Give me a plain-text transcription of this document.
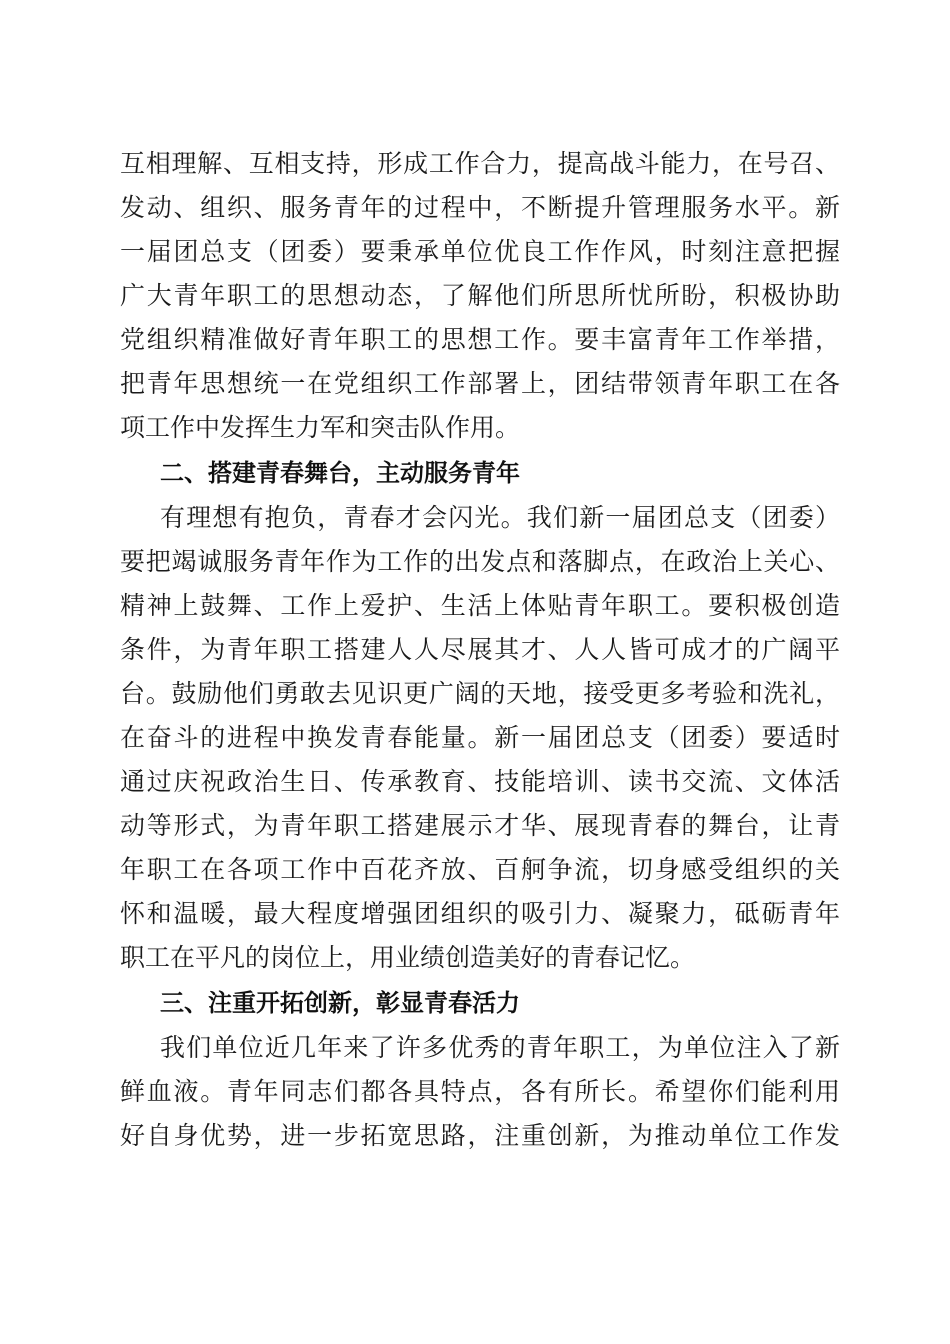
互相理解、互相支持，形成工作合力，提高战斗能力，在号召、
发动、组织、服务青年的过程中，不断提升管理服务水平。新
一届团总支（团委）要秉承单位优良工作作风，时刻注意把握
广大青年职工的思想动态，了解他们所思所忧所盼，积极协助
党组织精准做好青年职工的思想工作。要丰富青年工作举措，
把青年思想统一在党组织工作部署上，团结带领青年职工在各
项工作中发挥生力军和突击队作用。
二、搭建青春舞台，主动服务青年
有理想有抱负，青春才会闪光。我们新一届团总支（团委）
要把竭诚服务青年作为工作的出发点和落脚点，在政治上关心、
精神上鼓舞、工作上爱护、生活上体贴青年职工。要积极创造
条件，为青年职工搭建人人尽展其才、人人皆可成才的广阔平
台。鼓励他们勇敢去见识更广阔的天地，接受更多考验和洗礼，
在奋斗的进程中换发青春能量。新一届团总支（团委）要适时
通过庆祝政治生日、传承教育、技能培训、读书交流、文体活
动等形式，为青年职工搭建展示才华、展现青春的舞台，让青
年职工在各项工作中百花齐放、百舸争流，切身感受组织的关
怀和温暖，最大程度增强团组织的吸引力、凝聚力，砥砺青年
职工在平凡的岗位上，用业绩创造美好的青春记忆。
三、注重开拓创新，彰显青春活力
我们单位近几年来了许多优秀的青年职工，为单位注入了新
鲜血液。青年同志们都各具特点，各有所长。希望你们能利用
好自身优势，进一步拓宽思路，注重创新，为推动单位工作发
